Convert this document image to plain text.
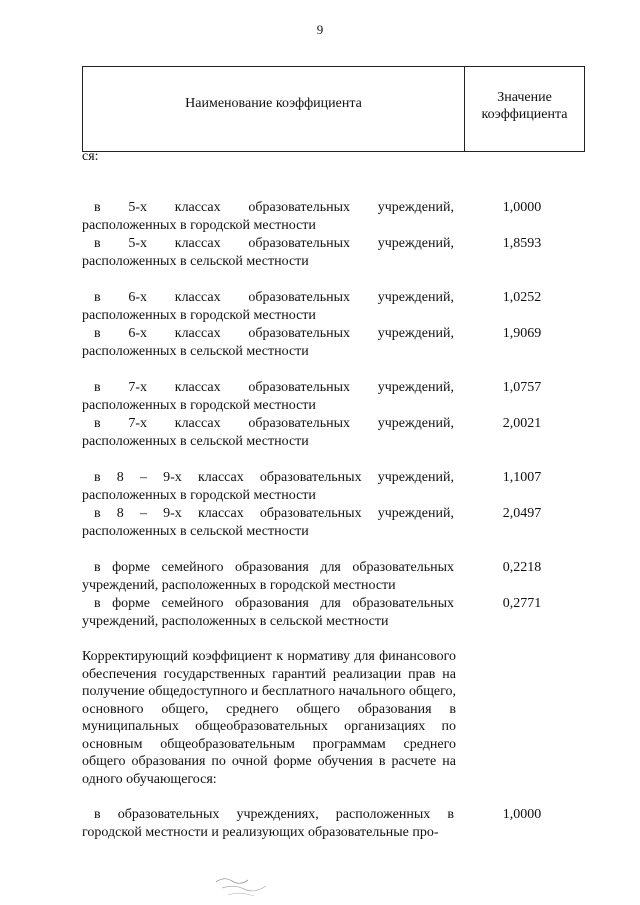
9
Наименование коэффициента	Значение
коэффициента
ся:
в 5-х классах образовательных учреждений, расположенных в городской местности
1,0000
в 5-х классах образовательных учреждений, расположенных в сельской местности
1,8593
в 6-х классах образовательных учреждений, расположенных в городской местности
1,0252
в 6-х классах образовательных учреждений, расположенных в сельской местности
1,9069
в 7-х классах образовательных учреждений, расположенных в городской местности
1,0757
в 7-х классах образовательных учреждений, расположенных в сельской местности
2,0021
в 8 – 9-х классах образовательных учреждений, расположенных в городской местности
1,1007
в 8 – 9-х классах образовательных учреждений, расположенных в сельской местности
2,0497
в форме семейного образования для образовательных учреждений, расположенных в городской местности
0,2218
в форме семейного образования для образовательных учреждений, расположенных в сельской местности
0,2771
Корректирующий коэффициент к нормативу для финансового обеспечения государственных гарантий реализации прав на получение общедоступного и бесплатного начального общего, основного общего, среднего общего образования в муниципальных общеобразовательных организациях по основным общеобразовательным программам среднего общего образования по очной форме обучения в расчете на одного обучающегося:
в образовательных учреждениях, расположенных в городской местности и реализующих образовательные про-
1,0000
